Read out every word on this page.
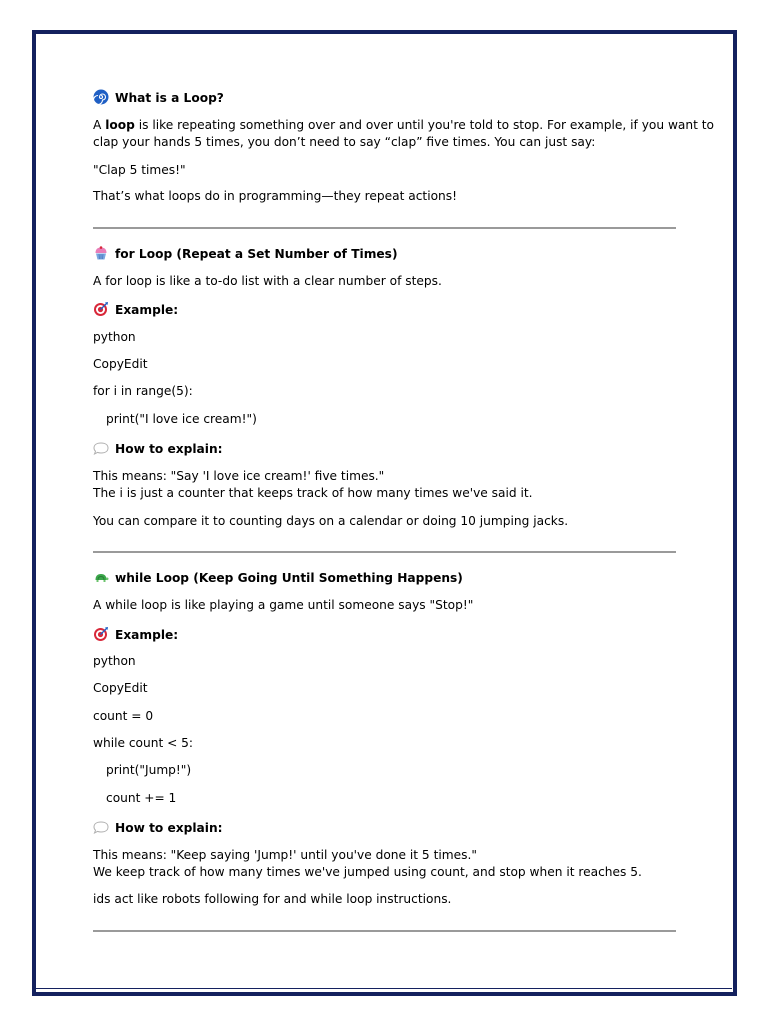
What is a Loop?
A loop is like repeating something over and over until you're told to stop. For example, if you want to
clap your hands 5 times, you don’t need to say “clap” five times. You can just say:
"Clap 5 times!"
That’s what loops do in programming—they repeat actions!
for Loop (Repeat a Set Number of Times)
A for loop is like a to-do list with a clear number of steps.
Example:
python
CopyEdit
for i in range(5):
print("I love ice cream!")
How to explain:
This means: "Say 'I love ice cream!' five times."
The i is just a counter that keeps track of how many times we've said it.
You can compare it to counting days on a calendar or doing 10 jumping jacks.
while Loop (Keep Going Until Something Happens)
A while loop is like playing a game until someone says "Stop!"
Example:
python
CopyEdit
count = 0
while count < 5:
print("Jump!")
count += 1
How to explain:
This means: "Keep saying 'Jump!' until you've done it 5 times."
We keep track of how many times we've jumped using count, and stop when it reaches 5.
ids act like robots following for and while loop instructions.
